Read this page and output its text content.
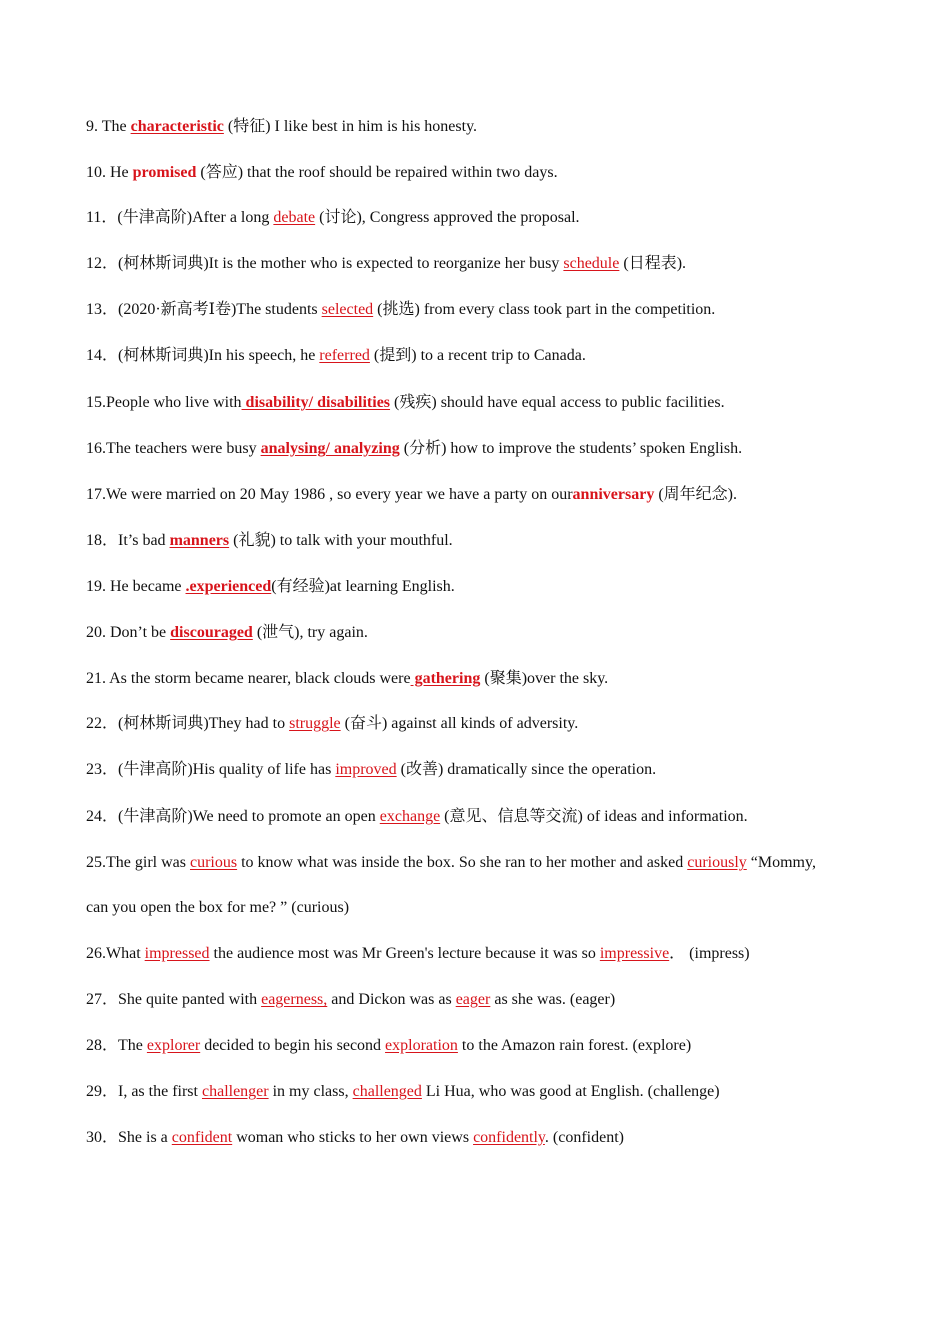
9. The characteristic (特征) I like best in him is his honesty.
10. He promised (答应) that the roof should be repaired within two days.
11．(牛津高阶)After a long debate (讨论), Congress approved the proposal.
12．(柯林斯词典)It is the mother who is expected to reorganize her busy schedule (日程表).
13．(2020·新高考Ⅰ卷)The students selected (挑选) from every class took part in the competition.
14．(柯林斯词典)In his speech, he referred (提到) to a recent trip to Canada.
15.People who live with disability/ disabilities (残疾) should have equal access to public facilities.
16.The teachers were busy analysing/ analyzing (分析) how to improve the students’ spoken English.
17.We were married on 20 May 1986 , so every year we have a party on ouranniversary (周年纪念).
18．It’s bad manners (礼貌) to talk with your mouthful.
19. He became .experienced(有经验)at learning English.
20. Don’t be discouraged (泄气), try again.
21. As the storm became nearer, black clouds were gathering (聚集)over the sky.
22．(柯林斯词典)They had to struggle (奋斗) against all kinds of adversity.
23．(牛津高阶)His quality of life has improved (改善) dramatically since the operation.
24．(牛津高阶)We need to promote an open exchange (意见、信息等交流) of ideas and information.
25.The girl was curious to know what was inside the box. So she ran to her mother and asked curiously “Mommy,
can you open the box for me? ” (curious)
26.What impressed the audience most was Mr Green's lecture because it was so impressive． (impress)
27．She quite panted with eagerness, and Dickon was as eager as she was. (eager)
28．The explorer decided to begin his second exploration to the Amazon rain forest. (explore)
29．I, as the first challenger in my class, challenged Li Hua, who was good at English. (challenge)
30．She is a confident woman who sticks to her own views confidently. (confident)
